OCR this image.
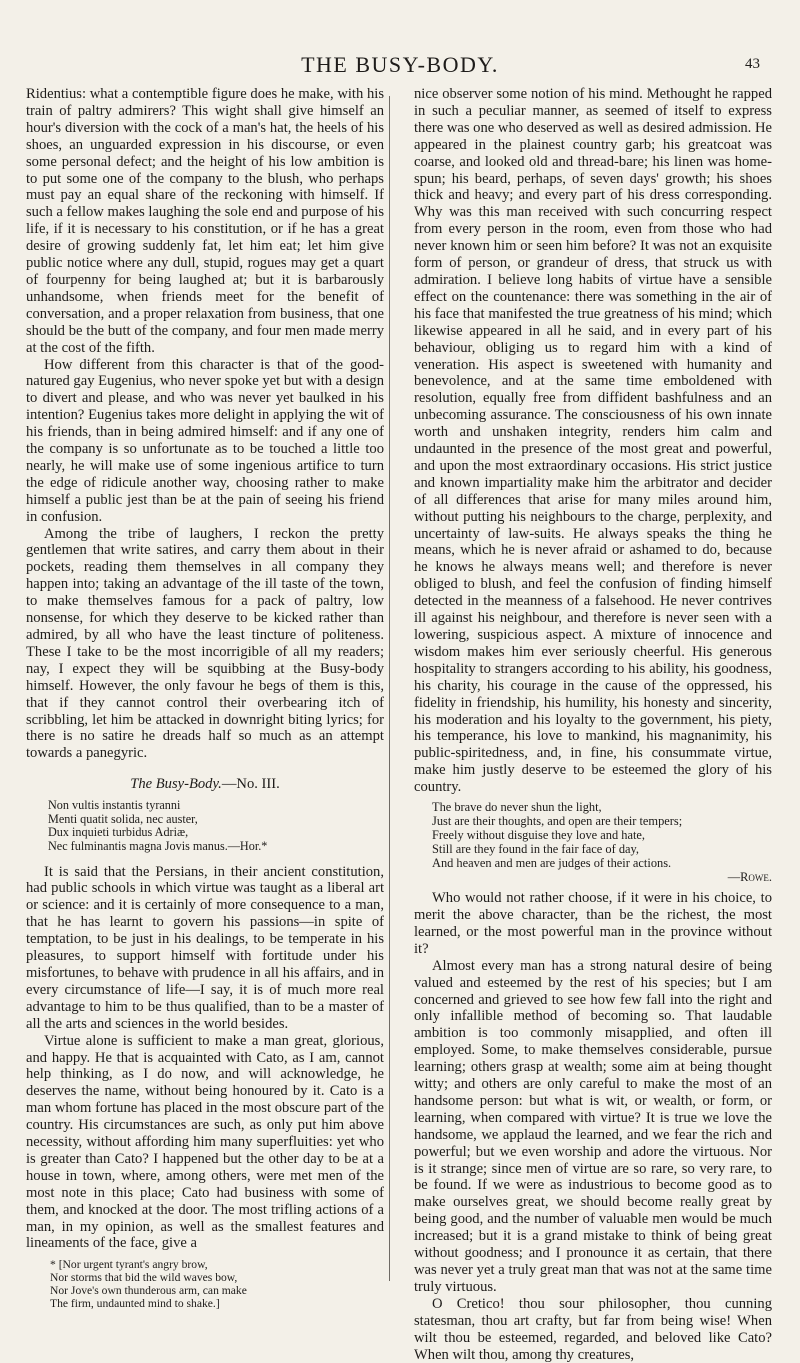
THE BUSY-BODY.	43

Ridentius: what a contemptible figure does he make, with his train of paltry admirers? This wight shall give himself an hour's diversion with the cock of a man's hat, the heels of his shoes, an unguarded expression in his discourse, or even some personal defect; and the height of his low ambition is to put some one of the company to the blush, who perhaps must pay an equal share of the reckoning with himself. If such a fellow makes laughing the sole end and purpose of his life, if it is necessary to his constitution, or if he has a great desire of growing suddenly fat, let him eat; let him give public notice where any dull, stupid, rogues may get a quart of fourpenny for being laughed at; but it is barbarously unhandsome, when friends meet for the benefit of conversation, and a proper relaxation from business, that one should be the butt of the company, and four men made merry at the cost of the fifth.

How different from this character is that of the good-natured gay Eugenius, who never spoke yet but with a design to divert and please, and who was never yet baulked in his intention? Eugenius takes more delight in applying the wit of his friends, than in being admired himself: and if any one of the company is so unfortunate as to be touched a little too nearly, he will make use of some ingenious artifice to turn the edge of ridicule another way, choosing rather to make himself a public jest than be at the pain of seeing his friend in confusion.

Among the tribe of laughers, I reckon the pretty gentlemen that write satires, and carry them about in their pockets, reading them themselves in all company they happen into; taking an advantage of the ill taste of the town, to make themselves famous for a pack of paltry, low nonsense, for which they deserve to be kicked rather than admired, by all who have the least tincture of politeness. These I take to be the most incorrigible of all my readers; nay, I expect they will be squibbing at the Busy-body himself. However, the only favour he begs of them is this, that if they cannot control their overbearing itch of scribbling, let him be attacked in downright biting lyrics; for there is no satire he dreads half so much as an attempt towards a panegyric.

The Busy-Body.—No. III.
Non vultis instantis tyranni
Menti quatit solida, nec auster,
Dux inquieti turbidus Adriæ,
Nec fulminantis magna Jovis manus.—Hor.*

It is said that the Persians, in their ancient constitution, had public schools in which virtue was taught as a liberal art or science: and it is certainly of more consequence to a man, that he has learnt to govern his passions—in spite of temptation, to be just in his dealings, to be temperate in his pleasures, to support himself with fortitude under his misfortunes, to behave with prudence in all his affairs, and in every circumstance of life—I say, it is of much more real advantage to him to be thus qualified, than to be a master of all the arts and sciences in the world besides.

Virtue alone is sufficient to make a man great, glorious, and happy. He that is acquainted with Cato, as I am, cannot help thinking, as I do now, and will acknowledge, he deserves the name, without being honoured by it. Cato is a man whom fortune has placed in the most obscure part of the country. His circumstances are such, as only put him above necessity, without affording him many superfluities: yet who is greater than Cato? I happened but the other day to be at a house in town, where, among others, were met men of the most note in this place; Cato had business with some of them, and knocked at the door. The most trifling actions of a man, in my opinion, as well as the smallest features and lineaments of the face, give a

* [Nor urgent tyrant's angry brow,
Nor storms that bid the wild waves bow,
Nor Jove's own thunderous arm, can make
The firm, undaunted mind to shake.]

nice observer some notion of his mind. Methought he rapped in such a peculiar manner, as seemed of itself to express there was one who deserved as well as desired admission. He appeared in the plainest country garb; his greatcoat was coarse, and looked old and thread-bare; his linen was home-spun; his beard, perhaps, of seven days' growth; his shoes thick and heavy; and every part of his dress corresponding. Why was this man received with such concurring respect from every person in the room, even from those who had never known him or seen him before? It was not an exquisite form of person, or grandeur of dress, that struck us with admiration. I believe long habits of virtue have a sensible effect on the countenance: there was something in the air of his face that manifested the true greatness of his mind; which likewise appeared in all he said, and in every part of his behaviour, obliging us to regard him with a kind of veneration. His aspect is sweetened with humanity and benevolence, and at the same time emboldened with resolution, equally free from diffident bashfulness and an unbecoming assurance. The consciousness of his own innate worth and unshaken integrity, renders him calm and undaunted in the presence of the most great and powerful, and upon the most extraordinary occasions. His strict justice and known impartiality make him the arbitrator and decider of all differences that arise for many miles around him, without putting his neighbours to the charge, perplexity, and uncertainty of law-suits. He always speaks the thing he means, which he is never afraid or ashamed to do, because he knows he always means well; and therefore is never obliged to blush, and feel the confusion of finding himself detected in the meanness of a falsehood. He never contrives ill against his neighbour, and therefore is never seen with a lowering, suspicious aspect. A mixture of innocence and wisdom makes him ever seriously cheerful. His generous hospitality to strangers according to his ability, his goodness, his charity, his courage in the cause of the oppressed, his fidelity in friendship, his humility, his honesty and sincerity, his moderation and his loyalty to the government, his piety, his temperance, his love to mankind, his magnanimity, his public-spiritedness, and, in fine, his consummate virtue, make him justly deserve to be esteemed the glory of his country.

The brave do never shun the light,
Just are their thoughts, and open are their tempers;
Freely without disguise they love and hate,
Still are they found in the fair face of day,
And heaven and men are judges of their actions.
—Rowe.

Who would not rather choose, if it were in his choice, to merit the above character, than be the richest, the most learned, or the most powerful man in the province without it?

Almost every man has a strong natural desire of being valued and esteemed by the rest of his species; but I am concerned and grieved to see how few fall into the right and only infallible method of becoming so. That laudable ambition is too commonly misapplied, and often ill employed. Some, to make themselves considerable, pursue learning; others grasp at wealth; some aim at being thought witty; and others are only careful to make the most of an handsome person: but what is wit, or wealth, or form, or learning, when compared with virtue? It is true we love the handsome, we applaud the learned, and we fear the rich and powerful; but we even worship and adore the virtuous. Nor is it strange; since men of virtue are so rare, so very rare, to be found. If we were as industrious to become good as to make ourselves great, we should become really great by being good, and the number of valuable men would be much increased; but it is a grand mistake to think of being great without goodness; and I pronounce it as certain, that there was never yet a truly great man that was not at the same time truly virtuous.

O Cretico! thou sour philosopher, thou cunning statesman, thou art crafty, but far from being wise! When wilt thou be esteemed, regarded, and beloved like Cato? When wilt thou, among thy creatures,
